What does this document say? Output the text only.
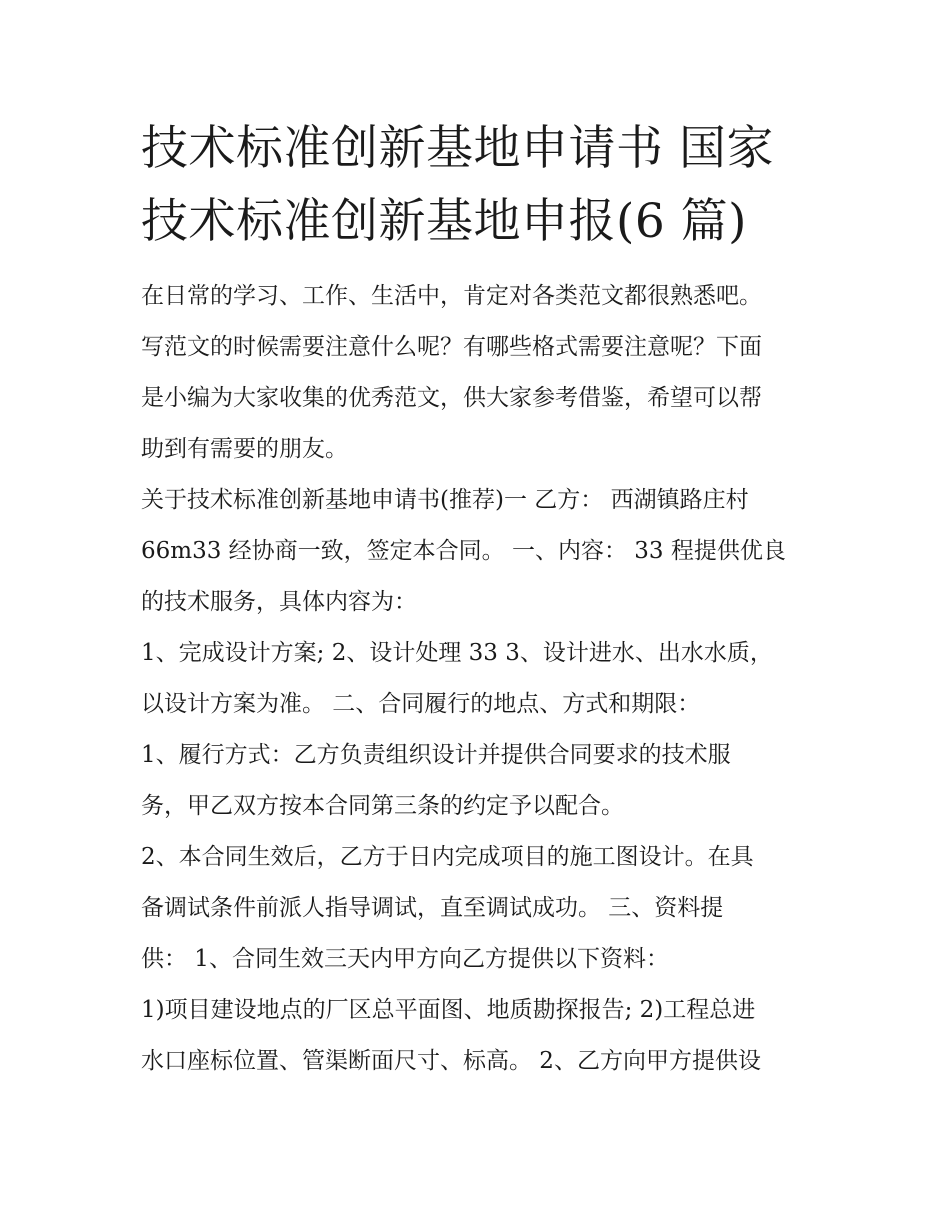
技术标准创新基地申请书 国家
技术标准创新基地申报(6 篇)

在日常的学习、工作、生活中，肯定对各类范文都很熟悉吧。
写范文的时候需要注意什么呢？有哪些格式需要注意呢？下面
是小编为大家收集的优秀范文，供大家参考借鉴，希望可以帮
助到有需要的朋友。

关于技术标准创新基地申请书(推荐)一 乙方： 西湖镇路庄村
66m33 经协商一致，签定本合同。 一、内容： 33 程提供优良
的技术服务，具体内容为：
1、完成设计方案; 2、设计处理 33 3、设计进水、出水水质，
以设计方案为准。 二、合同履行的地点、方式和期限：
1、履行方式：乙方负责组织设计并提供合同要求的技术服
务，甲乙双方按本合同第三条的约定予以配合。
2、本合同生效后，乙方于日内完成项目的施工图设计。在具
备调试条件前派人指导调试，直至调试成功。 三、资料提
供： 1、合同生效三天内甲方向乙方提供以下资料：
1)项目建设地点的厂区总平面图、地质勘探报告; 2)工程总进
水口座标位置、管渠断面尺寸、标高。 2、乙方向甲方提供设
